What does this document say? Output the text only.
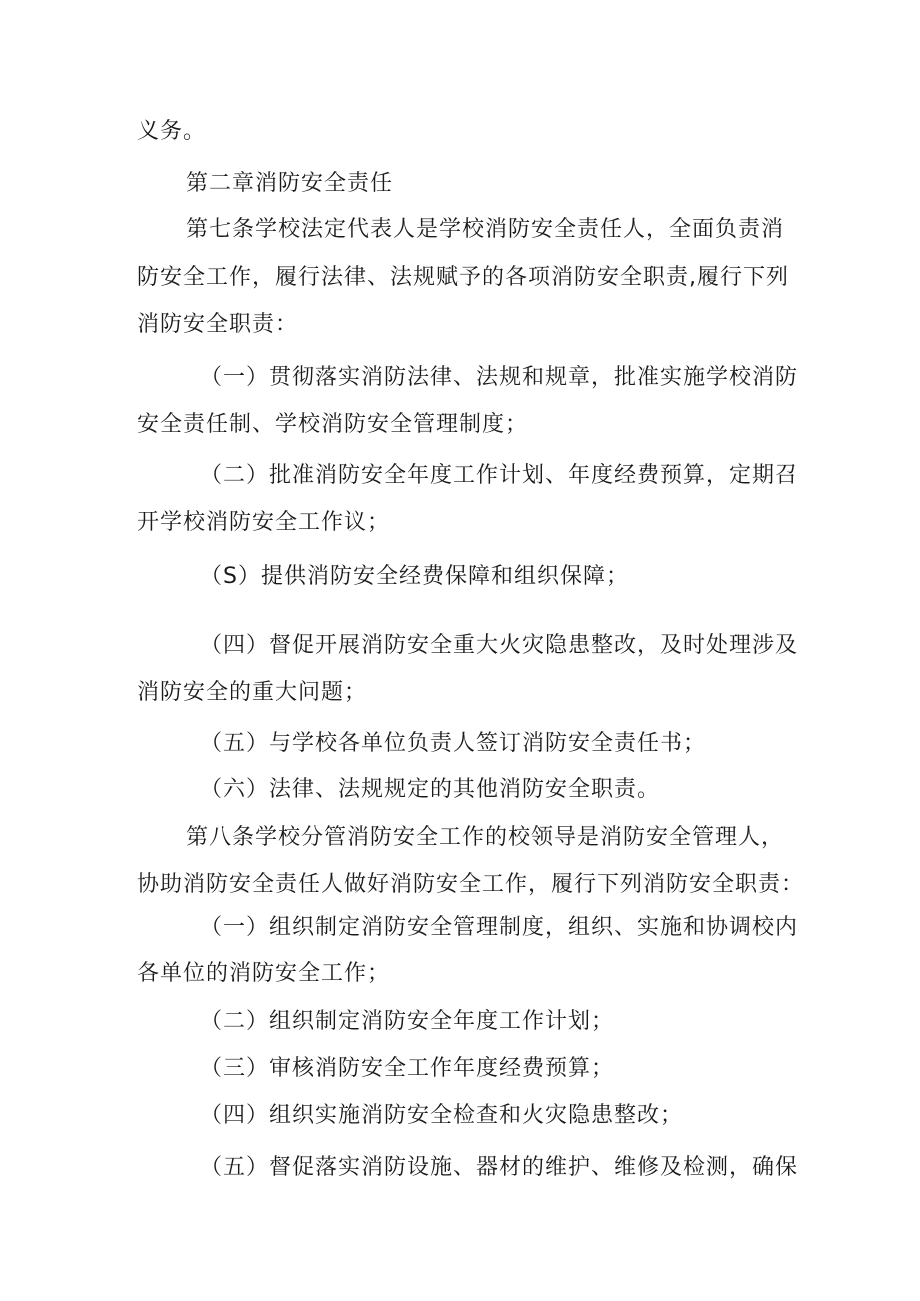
义务。
第二章消防安全责任
第七条学校法定代表人是学校消防安全责任人，全面负责消
防安全工作，履行法律、法规赋予的各项消防安全职责,履行下列
消防安全职责：
（一）贯彻落实消防法律、法规和规章，批准实施学校消防
安全责任制、学校消防安全管理制度；
（二）批准消防安全年度工作计划、年度经费预算，定期召
开学校消防安全工作议；
（S）提供消防安全经费保障和组织保障；
（四）督促开展消防安全重大火灾隐患整改，及时处理涉及
消防安全的重大问题；
（五）与学校各单位负责人签订消防安全责任书；
（六）法律、法规规定的其他消防安全职责。
第八条学校分管消防安全工作的校领导是消防安全管理人，
协助消防安全责任人做好消防安全工作，履行下列消防安全职责：
（一）组织制定消防安全管理制度，组织、实施和协调校内
各单位的消防安全工作；
（二）组织制定消防安全年度工作计划；
（三）审核消防安全工作年度经费预算；
（四）组织实施消防安全检查和火灾隐患整改；
（五）督促落实消防设施、器材的维护、维修及检测，确保
